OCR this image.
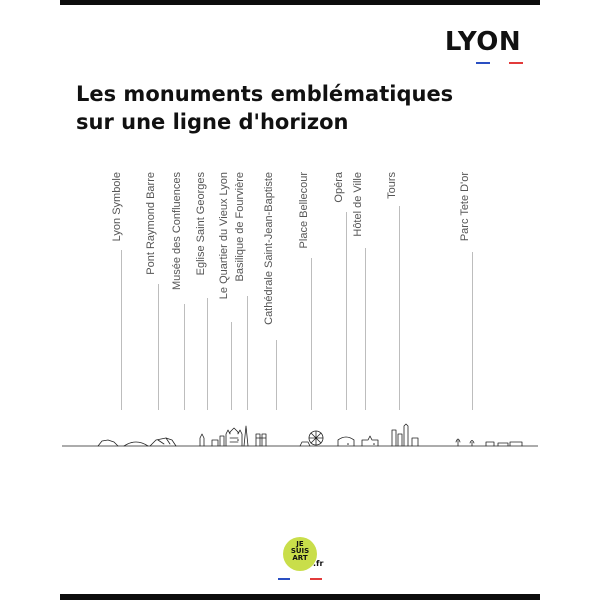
LYON
Les monuments emblématiques
sur une ligne d'horizon
Lyon Symbole Pont Raymond Barre Musée des Confluences Eglise Saint Georges Le Quartier du Vieux Lyon Basilique de Fourvière Cathédrale Saint-Jean-Baptiste Place Bellecour Opéra Hôtel de Ville Tours	Parc Tete D'or
JE
SUIS
ART
.fr
